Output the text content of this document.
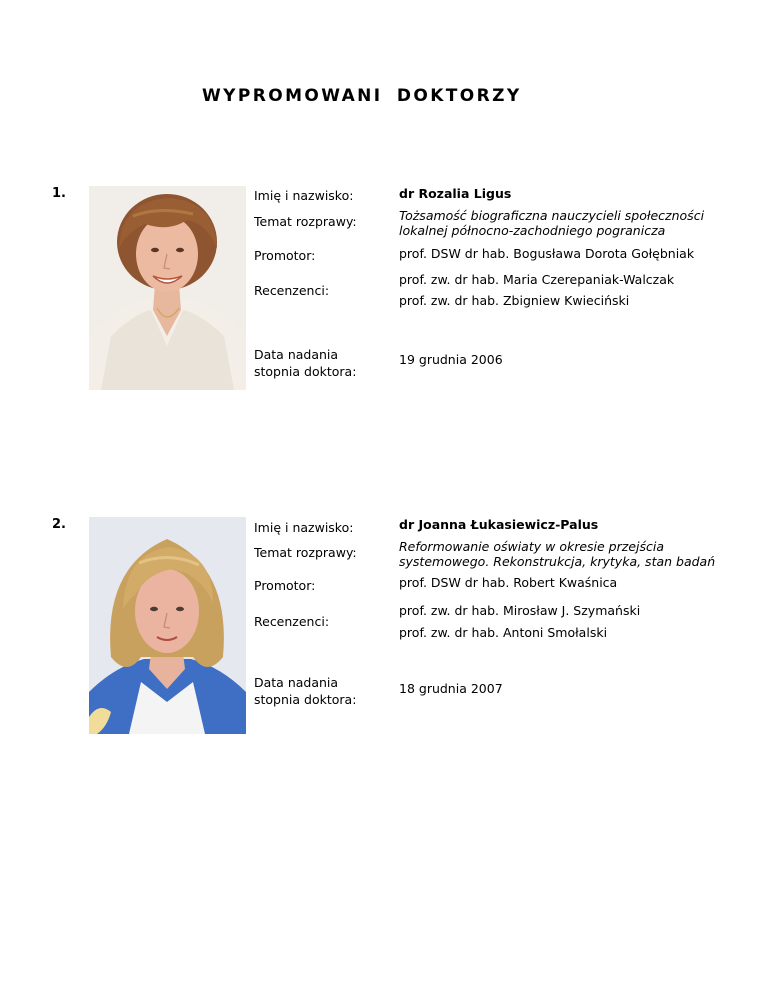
WYPROMOWANI DOKTORZY
1.	Imię i nazwisko:	dr Rozalia Ligus
Temat rozprawy:	Tożsamość biograficzna nauczycieli społeczności lokalnej północno-zachodniego pogranicza
Promotor:	prof. DSW dr hab. Bogusława Dorota Gołębniak
Recenzenci:
prof. zw. dr hab. Maria Czerepaniak-Walczak
prof. zw. dr hab. Zbigniew Kwieciński
Data nadania stopnia doktora:
19 grudnia 2006
2.	Imię i nazwisko:	dr Joanna Łukasiewicz-Palus
Temat rozprawy:	Reformowanie oświaty w okresie przejścia systemowego. Rekonstrukcja, krytyka, stan badań
Promotor:	prof. DSW dr hab. Robert Kwaśnica
Recenzenci:
prof. zw. dr hab. Mirosław J. Szymański
prof. zw. dr hab. Antoni Smołalski
Data nadania stopnia doktora:
18 grudnia 2007
